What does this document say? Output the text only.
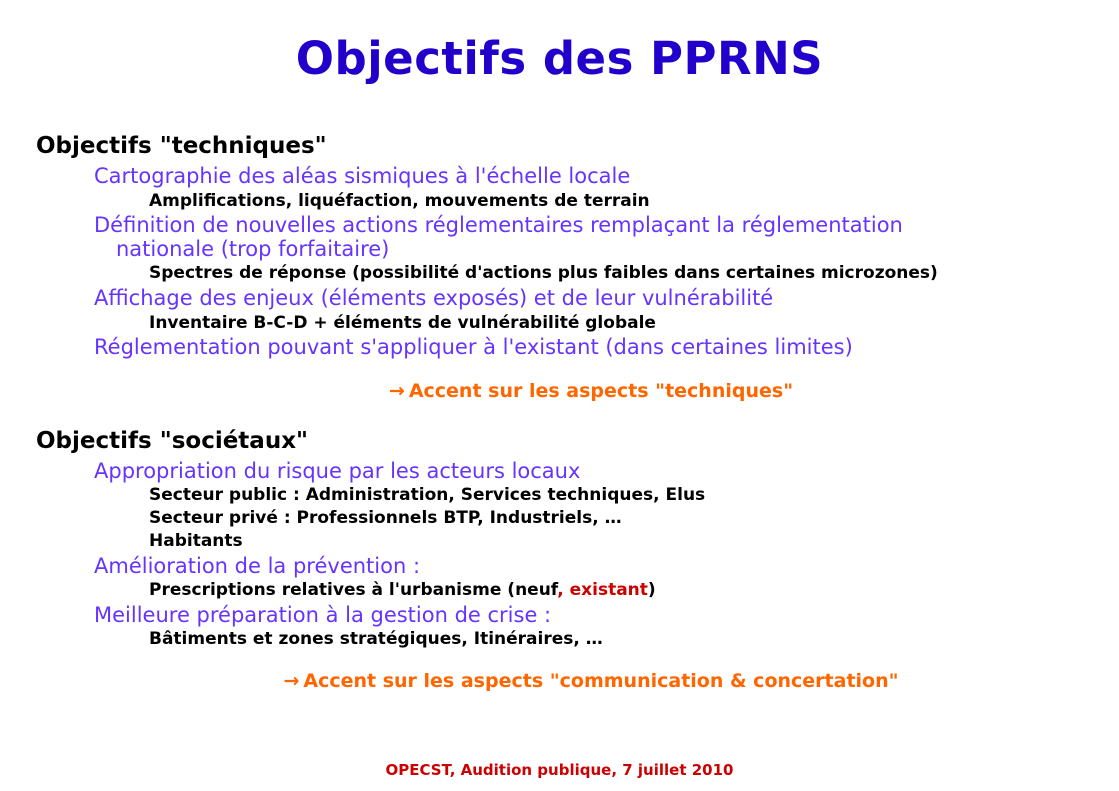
Objectifs des PPRNS
Objectifs "techniques"
Cartographie des aléas sismiques à l'échelle locale
Amplifications, liquéfaction, mouvements de terrain
Définition de nouvelles actions réglementaires remplaçant la réglementation
nationale (trop forfaitaire)
Spectres de réponse (possibilité d'actions plus faibles dans certaines microzones)
Affichage des enjeux (éléments exposés) et de leur vulnérabilité
Inventaire B-C-D + éléments de vulnérabilité globale
Réglementation pouvant s'appliquer à l'existant (dans certaines limites)
→ Accent sur les aspects "techniques"
Objectifs "sociétaux"
Appropriation du risque par les acteurs locaux
Secteur public : Administration, Services techniques, Elus
Secteur privé : Professionnels BTP, Industriels, …
Habitants
Amélioration de la prévention :
Prescriptions relatives à l'urbanisme (neuf, existant)
Meilleure préparation à la gestion de crise :
Bâtiments et zones stratégiques, Itinéraires, …
→ Accent sur les aspects "communication & concertation"
OPECST, Audition publique, 7 juillet 2010
